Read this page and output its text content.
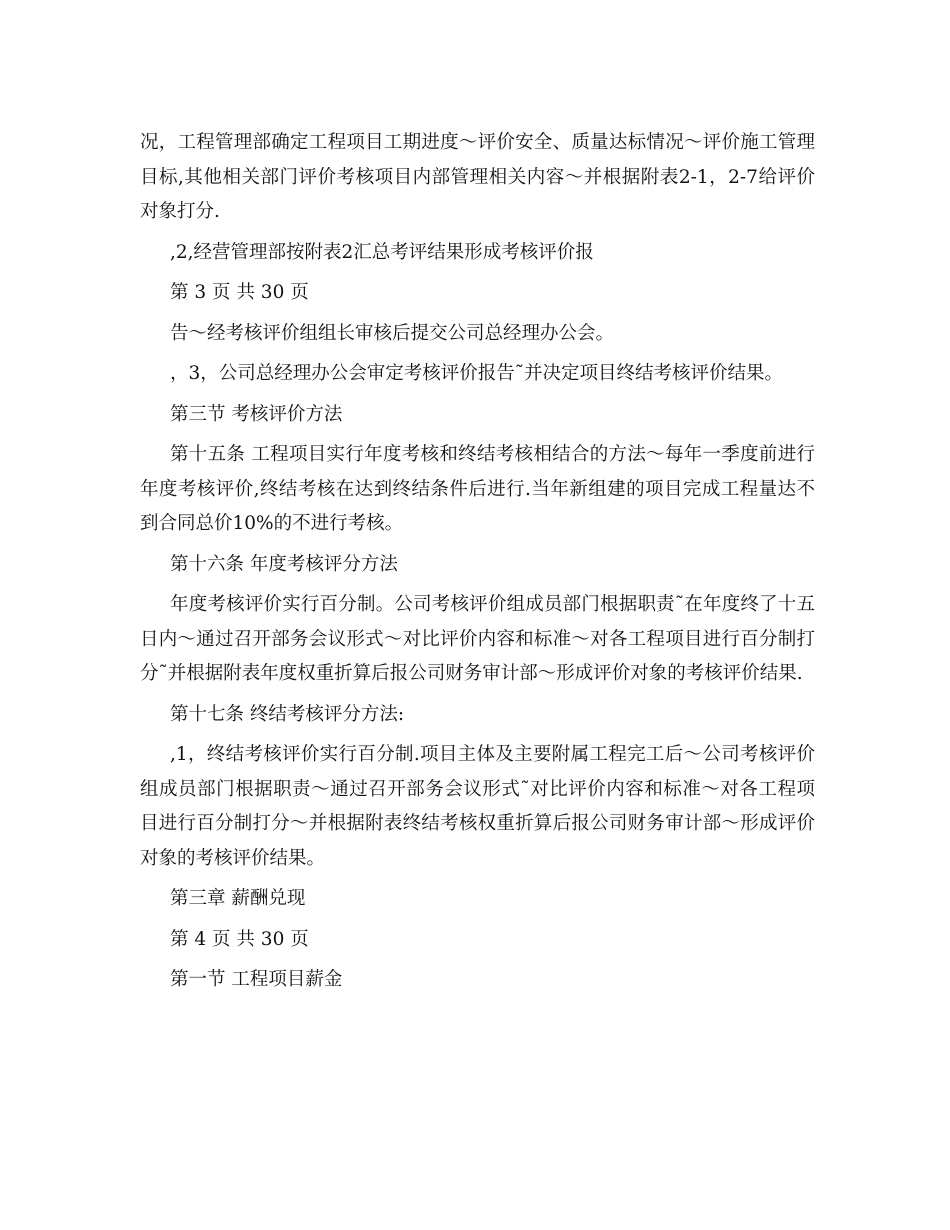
况，工程管理部确定工程项目工期进度～评价安全、质量达标情况～评价施工管理目标,其他相关部门评价考核项目内部管理相关内容～并根据附表2-1，2-7给评价对象打分.

,2,经营管理部按附表2汇总考评结果形成考核评价报

第 3 页 共 30 页

告～经考核评价组组长审核后提交公司总经理办公会。

，3，公司总经理办公会审定考核评价报告˜并决定项目终结考核评价结果。

第三节 考核评价方法

第十五条 工程项目实行年度考核和终结考核相结合的方法～每年一季度前进行年度考核评价,终结考核在达到终结条件后进行.当年新组建的项目完成工程量达不到合同总价10%的不进行考核。

第十六条 年度考核评分方法

年度考核评价实行百分制。公司考核评价组成员部门根据职责˜在年度终了十五日内～通过召开部务会议形式～对比评价内容和标准～对各工程项目进行百分制打分˜并根据附表年度权重折算后报公司财务审计部～形成评价对象的考核评价结果.

第十七条 终结考核评分方法:

,1，终结考核评价实行百分制.项目主体及主要附属工程完工后～公司考核评价组成员部门根据职责～通过召开部务会议形式˜对比评价内容和标准～对各工程项目进行百分制打分～并根据附表终结考核权重折算后报公司财务审计部～形成评价对象的考核评价结果。

第三章 薪酬兑现

第 4 页 共 30 页

第一节 工程项目薪金
